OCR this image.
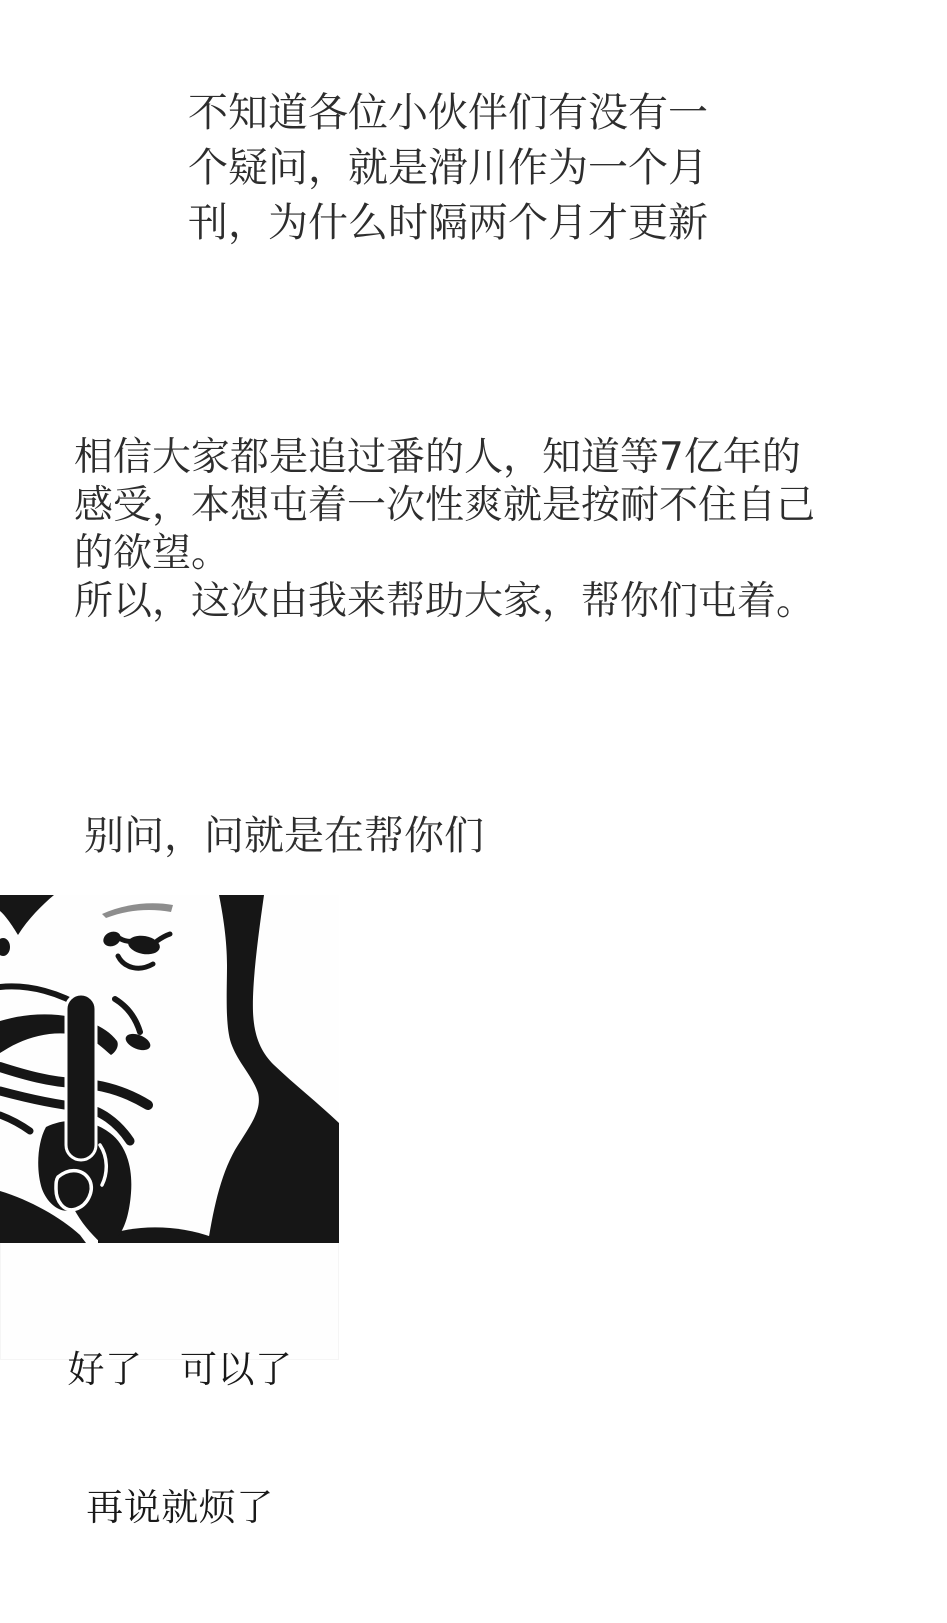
不知道各位小伙伴们有没有一
个疑问，就是滑川作为一个月
刊，为什么时隔两个月才更新
相信大家都是追过番的人，知道等7亿年的
感受，本想屯着一次性爽就是按耐不住自己
的欲望。
所以，这次由我来帮助大家，帮你们屯着。
别问，问就是在帮你们

好了　可以了

再说就烦了
